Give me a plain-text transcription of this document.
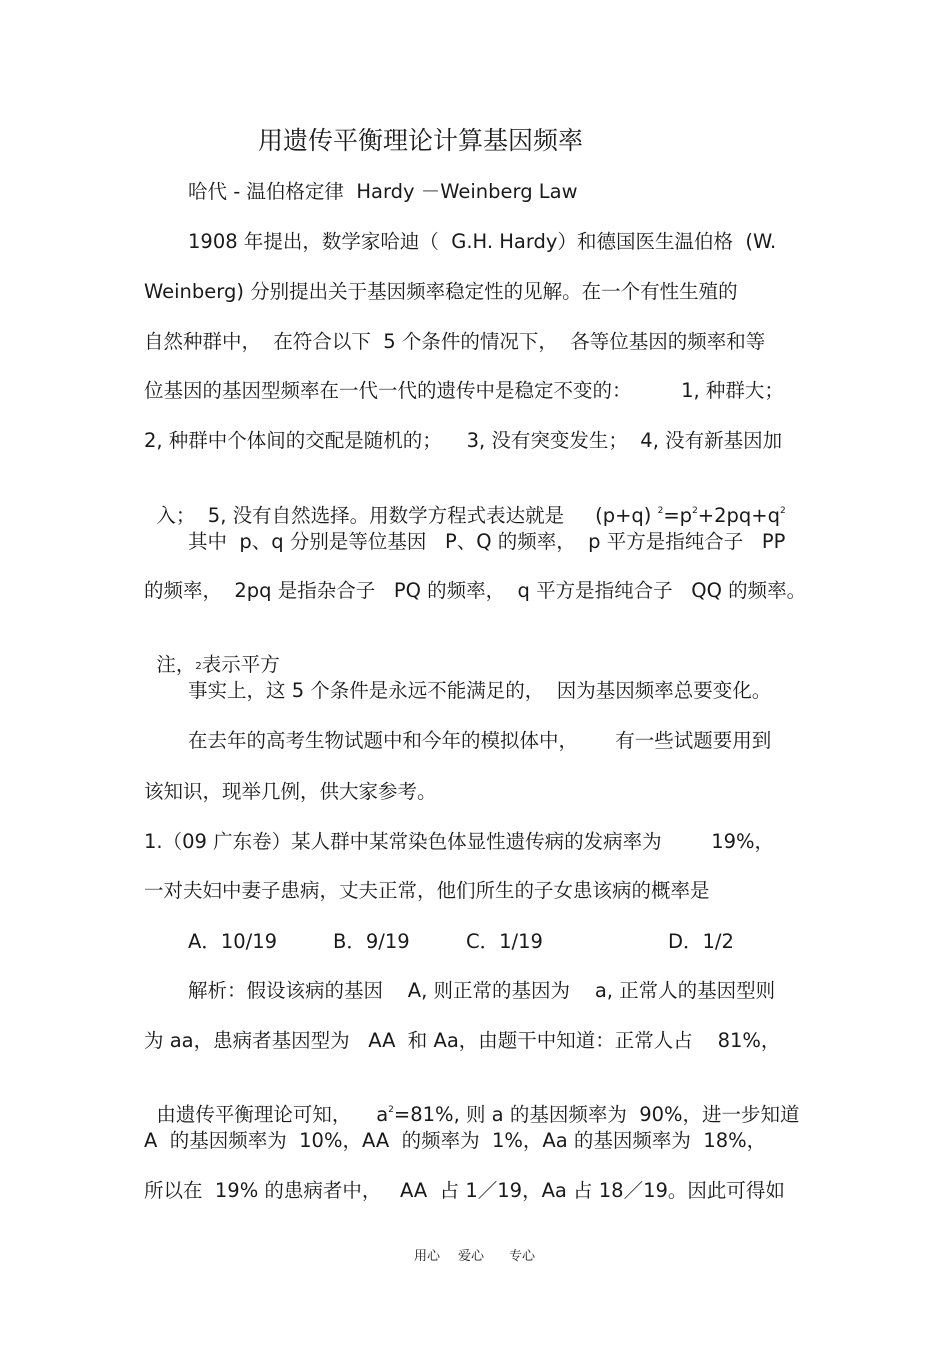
用遗传平衡理论计算基因频率
哈代 - 温伯格定律  Hardy －Weinberg Law
1908 年提出，数学家哈迪（  G.H. Hardy）和德国医生温伯格  (W.
Weinberg) 分别提出关于基因频率稳定性的见解。在一个有性生殖的
自然种群中，  在符合以下  5 个条件的情况下，  各等位基因的频率和等
位基因的基因型频率在一代一代的遗传中是稳定不变的：        1, 种群大；
2, 种群中个体间的交配是随机的；    3, 没有突变发生；  4, 没有新基因加

入；  5, 没有自然选择。用数学方程式表达就是     (p+q) $^2=p^2+2pq+q^2$

其中  p、q 分别是等位基因   P、Q 的频率，  p 平方是指纯合子   PP
的频率，  2pq 是指杂合子   PQ 的频率，  q 平方是指纯合子   QQ 的频率。

注，2表示平方

事实上，这 5 个条件是永远不能满足的，  因为基因频率总要变化。
在去年的高考生物试题中和今年的模拟体中，      有一些试题要用到
该知识，现举几例，供大家参考。
1.（09 广东卷）某人群中某常染色体显性遗传病的发病率为        19%，
一对夫妇中妻子患病，丈夫正常，他们所生的子女患该病的概率是
A．10/19	B．9/19	C．1/19	D．1/2
解析：假设该病的基因    A, 则正常的基因为    a, 正常人的基因型则
为 aa，患病者基因型为   AA  和 Aa，由题干中知道：正常人占    81%，

由遗传平衡理论可知，    $a^2=81\%$, 则 a 的基因频率为  90%，进一步知道

A  的基因频率为  10%，AA  的频率为  1%，Aa 的基因频率为  18%，
所以在  19% 的患病者中，   AA  占 1／19，Aa 占 18／19。因此可得如
用心 爱心 专心
